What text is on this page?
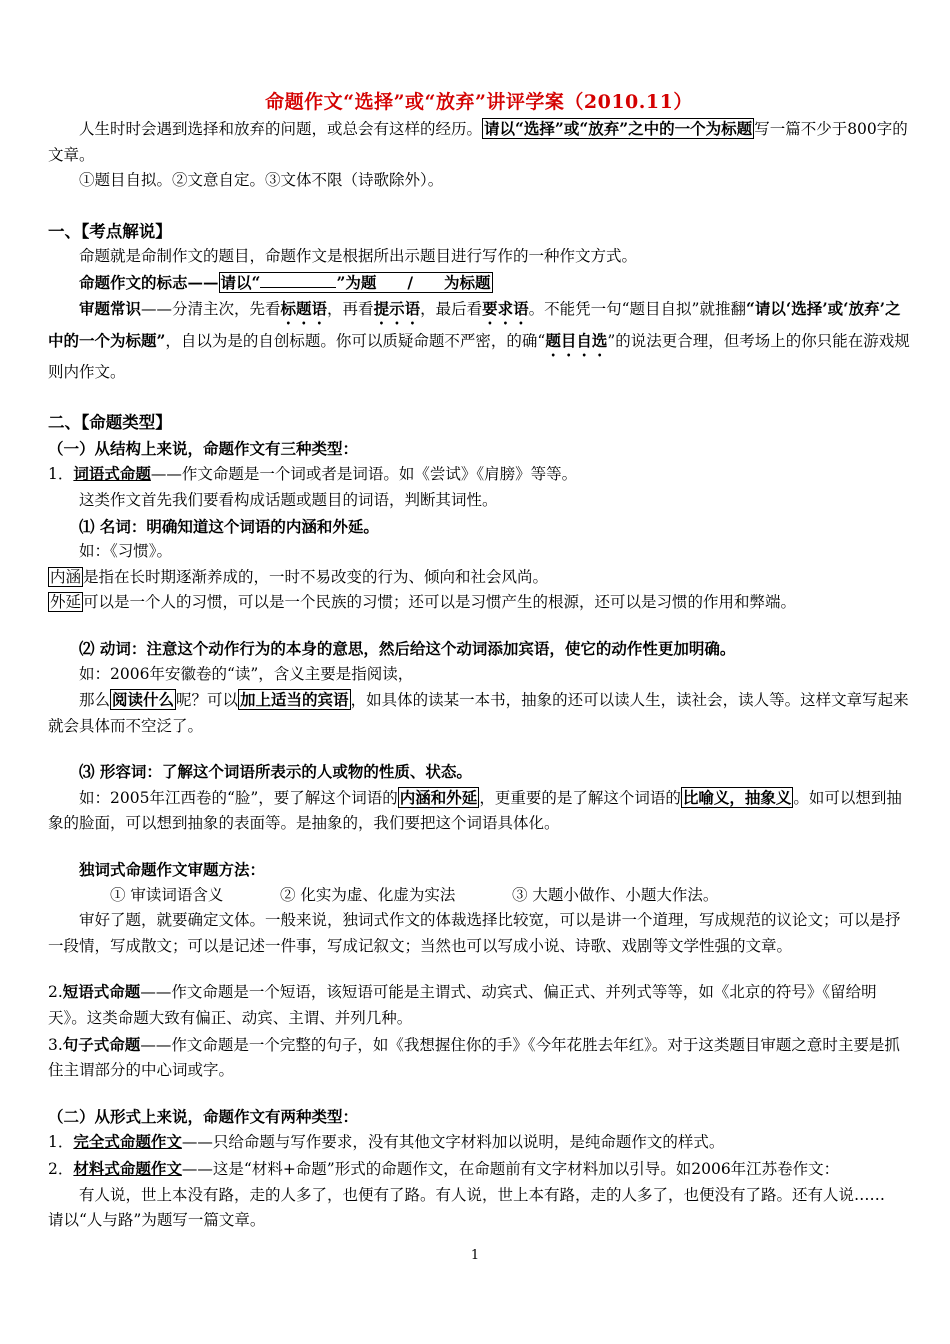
命题作文“选择”或“放弃”讲评学案（2010.11）

人生时时会遇到选择和放弃的问题，或总会有这样的经历。 请以“选择”或“放弃”之中的一个为标题 写一篇不少于800字的文章。

①题目自拟。②文意自定。③文体不限（诗歌除外）。

一、【考点解说】

命题就是命制作文的题目，命题作文是根据所出示题目进行写作的一种作文方式。

命题作文的标志—— 请以“	”为题   /   为标题

审题常识——分清主次，先看标题语，再看提示语，最后看要求语。不能凭一句“题目自拟”就推翻“请以‘选择’或‘放弃’之中的一个为标题”，自以为是的自创标题。你可以质疑命题不严密，的确“题目自选”的说法更合理，但考场上的你只能在游戏规则内作文。

二、【命题类型】

（一）从结构上来说，命题作文有三种类型：

1．词语式命题——作文命题是一个词或者是词语。如《尝试》《肩膀》等等。

这类作文首先我们要看构成话题或题目的词语，判断其词性。

⑴ 名词：明确知道这个词语的内涵和外延。

如：《习惯》。

内涵 是指在长时期逐渐养成的，一时不易改变的行为、倾向和社会风尚。

外延 可以是一个人的习惯，可以是一个民族的习惯；还可以是习惯产生的根源，还可以是习惯的作用和弊端。

⑵ 动词：注意这个动作行为的本身的意思，然后给这个动词添加宾语，使它的动作性更加明确。

如：2006年安徽卷的“读”，含义主要是指阅读，

那么 阅读什么 呢？可以 加上适当的宾语 ，如具体的读某一本书，抽象的还可以读人生，读社会，读人等。这样文章写起来就会具体而不空泛了。

⑶ 形容词：了解这个词语所表示的人或物的性质、状态。

如：2005年江西卷的“脸”，要了解这个词语的 内涵和外延 ，更重要的是了解这个词语的 比喻义，抽象义 。如可以想到抽象的脸面，可以想到抽象的表面等。是抽象的，我们要把这个词语具体化。

独词式命题作文审题方法：

① 审读词语含义	② 化实为虚、化虚为实法	③ 大题小做作、小题大作法。

审好了题，就要确定文体。一般来说，独词式作文的体裁选择比较宽，可以是讲一个道理，写成规范的议论文；可以是抒一段情，写成散文；可以是记述一件事，写成记叙文；当然也可以写成小说、诗歌、戏剧等文学性强的文章。

2.短语式命题——作文命题是一个短语，该短语可能是主谓式、动宾式、偏正式、并列式等等，如《北京的符号》《留给明天》。这类命题大致有偏正、动宾、主谓、并列几种。

3.句子式命题——作文命题是一个完整的句子，如《我想握住你的手》《今年花胜去年红》。对于这类题目审题之意时主要是抓住主谓部分的中心词或字。

（二）从形式上来说，命题作文有两种类型：

1．完全式命题作文——只给命题与写作要求，没有其他文字材料加以说明，是纯命题作文的样式。

2．材料式命题作文——这是“材料+命题”形式的命题作文，在命题前有文字材料加以引导。如2006年江苏卷作文：

有人说，世上本没有路，走的人多了，也便有了路。有人说，世上本有路，走的人多了，也便没有了路。还有人说……

请以“人与路”为题写一篇文章。

1
